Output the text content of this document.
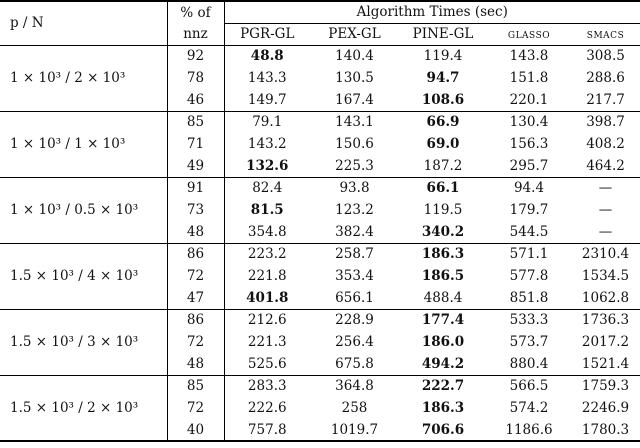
p / N	% of	Algorithm Times (sec)				
	nnz	PGR-GL	PEX-GL	PINE-GL	glasso	smacs
1 × 10³ / 2 × 10³	92	48.8	140.4	119.4	143.8	308.5
	78	143.3	130.5	94.7	151.8	288.6
	46	149.7	167.4	108.6	220.1	217.7
1 × 10³ / 1 × 10³	85	79.1	143.1	66.9	130.4	398.7
	71	143.2	150.6	69.0	156.3	408.2
	49	132.6	225.3	187.2	295.7	464.2
1 × 10³ / 0.5 × 10³	91	82.4	93.8	66.1	94.4	—
	73	81.5	123.2	119.5	179.7	—
	48	354.8	382.4	340.2	544.5	—
1.5 × 10³ / 4 × 10³	86	223.2	258.7	186.3	571.1	2310.4
	72	221.8	353.4	186.5	577.8	1534.5
	47	401.8	656.1	488.4	851.8	1062.8
1.5 × 10³ / 3 × 10³	86	212.6	228.9	177.4	533.3	1736.3
	72	221.3	256.4	186.0	573.7	2017.2
	48	525.6	675.8	494.2	880.4	1521.4
1.5 × 10³ / 2 × 10³	85	283.3	364.8	222.7	566.5	1759.3
	72	222.6	258	186.3	574.2	2246.9
	40	757.8	1019.7	706.6	1186.6	1780.3
